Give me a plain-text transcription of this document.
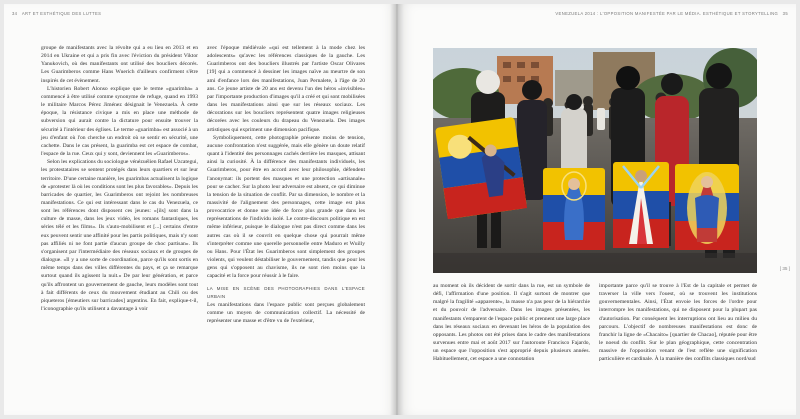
34 ART ET ESTHÉTIQUE DES LUTTES

groupe de manifestants avec la révolte qui a eu lieu en 2013 et en 2014 en Ukraine et qui a pris fin avec l'éviction du président Viktor Yanukovich, où des manifestants ont utilisé des boucliers décorés. Les Guarimberos comme Hans Wuerich d'ailleurs confirment s'être inspirés de cet évènement.

L'historien Robert Alonso explique que le terme «guarimba» a commencé à être utilisé comme synonyme de refuge, quand en 1993 le militaire Marcos Pérez Jiménez désignait le Venezuela. À cette époque, la résistance civique a mis en place une méthode de subversion qui aurait contre la dictature pour ensuite trouver la sécurité à l'intérieur des églises. Le terme «guarimba» est associé à un jeu d'enfant où l'on cherche un endroit où se sentir en sécurité, une cachette. Dans le cas présent, la guarimba est cet espace de combat, l'espace de la rue. Ceux qui y sont, deviennent les «Guarimberos».

Selon les explications du sociologue vénézuélien Rafael Uzcategui, les protestataires se sentent protégés dans leurs quartiers et sur leur territoire. D'une certaine manière, les guarimbas actualisent la logique de «protester là où les conditions sont les plus favorables». Depuis les barricades de quartier, les Guarimberos ont rejoint les nombreuses manifestations. Ce qui est intéressant dans le cas du Venezuela, ce sont les références dont disposent ces jeunes: «[ils] sont dans la culture de masse, dans les jeux vidéo, les romans fantastiques, les séries télé et les films». Ils s'auto-mobilisent et [...] certains d'entre eux peuvent sentir une affinité pour les partis politiques, mais n'y sont pas affiliés ni ne font partie d'aucun groupe de choc partisan». Ils s'organisent par l'intermédiaire des réseaux sociaux et de groupes de dialogue. «Il y a une sorte de coordination, parce qu'ils sont sortis en même temps dans des villes différentes du pays, et ça se remarque surtout quand ils agissent la nuit.» De par leur génération, et parce qu'ils affrontent un gouvernement de gauche, leurs modèles sont tout à fait différents de ceux du mouvement étudiant au Chili ou des piqueteros [émeutiers sur barricades] argentins. En fait, explique-t-il, l'iconographie qu'ils utilisent a davantage à voir

avec l'époque médiévale «qui est tellement à la mode chez les adolescents» qu'avec les références classiques de la gauche. Les Guarimberos ont des boucliers illustrés par l'artiste Oscar Olivares [19] qui a commencé à dessiner les images naïve au meurtre de son ami d'enfance lors des manifestations, Juan Pernalete, à l'âge de 20 ans. Ce jeune artiste de 20 ans est devenu l'un des héros «invisibles» par l'importante production d'images qu'il a créé et qui sont mobilisées dans les manifestations ainsi que sur les réseaux sociaux. Les décorations sur les boucliers représentent quatre images religieuses décorées avec les couleurs du drapeau du Venezuela. Des images artistiques qui expriment une dimension pacifique.

Symboliquement, cette photographie présente moins de tension, aucune confrontation n'est suggérée, mais elle génère un doute relatif quant à l'identité des personnages cachés derrière les masques, attisant ainsi la curiosité. À la différence des manifestants individuels, les Guarimberos, pour être en accord avec leur philosophie, défendent l'anonymat: ils portent des masques et une protection «artisanale» pour se cacher. Sur la photo leur adversaire est absent, ce qui diminue la tension de la situation de conflit. Par sa dimension, le nombre et la massivité de l'alignement des personnages, cette image est plus provocatrice et donne une idée de force plus grande que dans les représentations de l'individu isolé. Le contre-discours politique en est même inférieur, puisque le dialogue n'est pas direct comme dans les autres cas où il se couvrit en quelque chose qui pourrait même s'interpréter comme une querelle personnelle entre Maduro et Wuilly ou Hans. Pour l'État les Guarimberos sont simplement des groupes violents, qui veulent déstabiliser le gouvernement, tandis que pour les gens qui s'opposent au chavisme, ils ne sont rien moins que la capacité et la force pour réussir à le faire.

LA MISE EN SCÈNE DES PHOTOGRAPHIES DANS L'ESPACE URBAIN

Les manifestations dans l'espace public sont perçues globalement comme un moyen de communication collectif. La nécessité de représenter une masse et d'être vu de l'extérieur,

VENEZUELA 2014 : L'OPPOSITION MANIFESTÉE PAR LE MÉDIA. ESTHÉTIQUE ET STORYTELLING 35
[ 35 ]

au moment où ils décident de sortir dans la rue, est un symbole de défi, l'affirmation d'une position. Il s'agit surtout de montrer que malgré la fragilité «apparente», la masse n'a pas peur de la hiérarchie et du pouvoir de l'adversaire. Dans les images présentées, les manifestants s'emparent de l'espace public et prennent une large place dans les réseaux sociaux en devenant les héros de la population des opposants. Les photos ont été prises dans le cadre des manifestations survenues entre mai et août 2017 sur l'autoroute Francisco Fajardo, un espace que l'opposition s'est approprié depuis plusieurs années. Habituellement, cet espace a une connotation

importante parce qu'il se trouve à l'Est de la capitale et permet de traverser la ville vers l'ouest, où se trouvent les institutions gouvernementales. Ainsi, l'État envoie les forces de l'ordre pour interrompre les manifestations, qui ne disposent pour la plupart pas d'autorisation. Par conséquent les interruptions ont lieu au milieu du parcours. L'objectif de nombreuses manifestations est donc de franchir la ligne de «Chacaito» [quartier de Chacao], réputée pour être le noeud du conflit. Sur le plan géographique, cette concentration massive de l'opposition venant de l'est reflète une signification particulière et cardinale. À la manière des conflits classiques nord/sud
